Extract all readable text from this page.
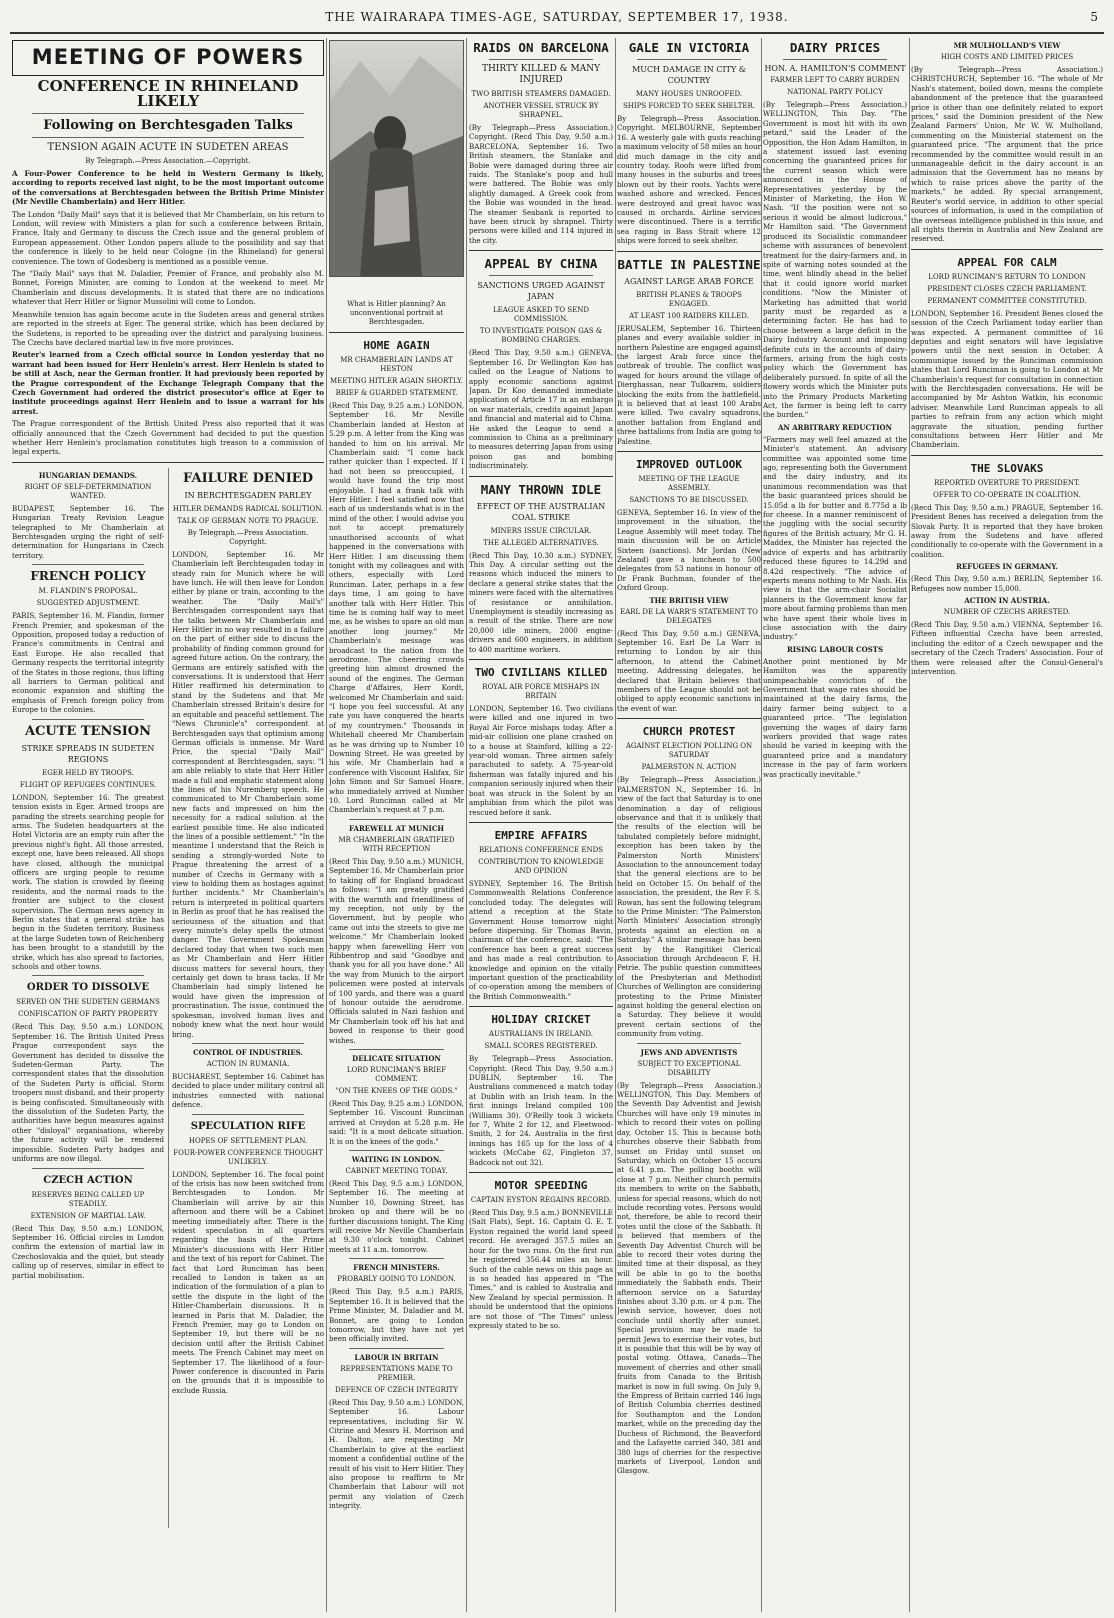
THE WAIRARAPA TIMES-AGE, SATURDAY, SEPTEMBER 17, 1938.	5
MEETING OF POWERS
CONFERENCE IN RHINELAND LIKELY
Following on Berchtesgaden Talks
TENSION AGAIN ACUTE IN SUDETEN AREAS
By Telegraph.—Press Association.—Copyright.
A Four-Power Conference to be held in Western Germany is likely, according to reports received last night, to be the most important outcome of the conversations at Berchtesgaden between the British Prime Minister (Mr Neville Chamberlain) and Herr Hitler.
The London "Daily Mail" says that it is believed that Mr Chamberlain, on his return to London, will review with Ministers a plan for such a conference between Britain, France, Italy and Germany to discuss the Czech issue and the general problem of European appeasement. Other London papers allude to the possibility and say that the conference is likely to be held near Cologne (in the Rhineland) for general convenience. The town of Godesberg is mentioned as a possible venue.
The "Daily Mail" says that M. Daladier, Premier of France, and probably also M. Bonnet, Foreign Minister, are coming to London at the weekend to meet Mr Chamberlain and discuss developments. It is stated that there are no indications whatever that Herr Hitler or Signor Mussolini will come to London.
Meanwhile tension has again become acute in the Sudeten areas and general strikes are reported in the streets at Eger. The general strike, which has been declared by the Sudetens, is reported to be spreading over the district and paralysing business. The Czechs have declared martial law in five more provinces.
Reuter's learned from a Czech official source in London yesterday that no warrant had been issued for Herr Henlein's arrest. Herr Henlein is stated to be still at Asch, near the German frontier. It had previously been reported by the Prague correspondent of the Exchange Telegraph Company that the Czech Government had ordered the district prosecutor's office at Eger to institute proceedings against Herr Henlein and to issue a warrant for his arrest.
The Prague correspondent of the British United Press also reported that it was officially announced that the Czech Government had decided to put the question whether Herr Henlein's proclamation constitutes high treason to a commission of legal experts.
HUNGARIAN DEMANDS.
RIGHT OF SELF-DETERMINATION WANTED.
BUDAPEST, September 16. The Hungarian Treaty Revision League telegraphed to Mr Chamberlain at Berchtesgaden urging the right of self-determination for Hungarians in Czech territory.
FRENCH POLICY
M. FLANDIN'S PROPOSAL.
SUGGESTED ADJUSTMENT.
PARIS, September 16. M. Flandin, former French Premier, and spokesman of the Opposition, proposed today a reduction of France's commitments in Central and East Europe. He also recalled that Germany respects the territorial integrity of the States in those regions, thus lifting all barriers to German political and economic expansion and shifting the emphasis of French foreign policy from Europe to the colonies.
ACUTE TENSION
STRIKE SPREADS IN SUDETEN REGIONS
EGER HELD BY TROOPS.
FLIGHT OF REFUGEES CONTINUES.
LONDON, September 16. The greatest tension exists in Eger. Armed troops are parading the streets searching people for arms. The Sudeten headquarters at the Hotel Victoria are an empty ruin after the previous night's fight. All those arrested, except one, have been released. All shops have closed, although the municipal officers are urging people to resume work. The station is crowded by fleeing residents, and the normal roads to the frontier are subject to the closest supervision. The German news agency in Berlin states that a general strike has begun in the Sudeten territory. Business at the large Sudeten town of Reichenberg has been brought to a standstill by the strike, which has also spread to factories, schools and other towns.
ORDER TO DISSOLVE
SERVED ON THE SUDETEN GERMANS
CONFISCATION OF PARTY PROPERTY
(Recd This Day, 9.50 a.m.) LONDON, September 16. The British United Press Prague correspondent says the Government has decided to dissolve the Sudeten-German Party. The correspondent states that the dissolution of the Sudeten Party is official. Storm troopers must disband, and their property is being confiscated. Simultaneously with the dissolution of the Sudeten Party, the authorities have begun measures against other "disloyal" organisations, whereby the future activity will be rendered impossible. Sudeten Party badges and uniforms are now illegal.
CZECH ACTION
RESERVES BEING CALLED UP STEADILY.
EXTENSION OF MARTIAL LAW.
(Recd This Day, 9.50 a.m.) LONDON, September 16. Official circles in London confirm the extension of martial law in Czechoslovakia and the quiet, but steady calling up of reserves, similar in effect to partial mobilisation.
FAILURE DENIED
IN BERCHTESGADEN PARLEY
HITLER DEMANDS RADICAL SOLUTION.
TALK OF GERMAN NOTE TO PRAGUE.
By Telegraph.—Press Association. Copyright.
LONDON, September 16. Mr Chamberlain left Berchtesgaden today in steady rain for Munich where he will have lunch. He will then leave for London either by plane or train, according to the weather. The "Daily Mail's" Berchtesgaden correspondent says that the talks between Mr Chamberlain and Herr Hitler in no way resulted in a failure on the part of either side to discuss the probability of finding common ground for agreed future action. On the contrary, the Germans are entirely satisfied with the conversations. It is understood that Herr Hitler reaffirmed his determination to stand by the Sudetens and that Mr Chamberlain stressed Britain's desire for an equitable and peaceful settlement. The "News Chronicle's" correspondent at Berchtesgaden says that optimism among German officials is immense. Mr Ward Price, the special "Daily Mail" correspondent at Berchtesgaden, says: "I am able reliably to state that Herr Hitler made a full and emphatic statement along the lines of his Nuremberg speech. He communicated to Mr Chamberlain some new facts and impressed on him the necessity for a radical solution at the earliest possible time. He also indicated the lines of a possible settlement." "In the meantime I understand that the Reich is sending a strongly-worded Note to Prague threatening the arrest of a number of Czechs in Germany with a view to holding them as hostages against further incidents." Mr Chamberlain's return is interpreted in political quarters in Berlin as proof that he has realised the seriousness of the situation and that every minute's delay spells the utmost danger. The Government Spokesman declared today that when two such men as Mr Chamberlain and Herr Hitler discuss matters for several hours, they certainly get down to brass tacks. If Mr Chamberlain had simply listened he would have given the impression of procrastination. The issue, continued the spokesman, involved human lives and nobody knew what the next hour would bring.
CONTROL OF INDUSTRIES.
ACTION IN RUMANIA.
BUCHAREST, September 16. Cabinet has decided to place under military control all industries connected with national defence.
SPECULATION RIFE
HOPES OF SETTLEMENT PLAN.
FOUR-POWER CONFERENCE THOUGHT UNLIKELY.
LONDON, September 16. The focal point of the crisis has now been switched from Berchtesgaden to London. Mr Chamberlain will arrive by air this afternoon and there will be a Cabinet meeting immediately after. There is the widest speculation in all quarters regarding the basis of the Prime Minister's discussions with Herr Hitler and the text of his report for Cabinet. The fact that Lord Runciman has been recalled to London is taken as an indication of the formulation of a plan to settle the dispute in the light of the Hitler-Chamberlain discussions. It is learned in Paris that M. Daladier, the French Premier, may go to London on September 19, but there will be no decision until after the British Cabinet meets. The French Cabinet may meet on September 17. The likelihood of a four-Power conference is discounted in Paris on the grounds that it is impossible to exclude Russia.
RAIDS ON BARCELONA
THIRTY KILLED & MANY INJURED
TWO BRITISH STEAMERS DAMAGED.
ANOTHER VESSEL STRUCK BY SHRAPNEL.
(By Telegraph—Press Association.) Copyright. (Recd This Day, 9.50 a.m.) BARCELONA, September 16. Two British steamers, the Stanlake and Bobie were damaged during three air raids. The Stanlake's poop and hull were battered. The Bobie was only slightly damaged. A Greek cook from the Bobie was wounded in the head. The steamer Seabank is reported to have been struck by shrapnel. Thirty persons were killed and 114 injured in the city.
APPEAL BY CHINA
SANCTIONS URGED AGAINST JAPAN
LEAGUE ASKED TO SEND COMMISSION.
TO INVESTIGATE POISON GAS & BOMBING CHARGES.
(Recd This Day, 9.50 a.m.) GENEVA, September 16. Dr Wellington Koo has called on the League of Nations to apply economic sanctions against Japan. Dr Koo demanded immediate application of Article 17 in an embargo on war materials, credits against Japan and financial and material aid to China. He asked the League to send a commission to China as a preliminary to measures deterring Japan from using poison gas and bombing indiscriminately.
MANY THROWN IDLE
EFFECT OF THE AUSTRALIAN COAL STRIKE
MINERS ISSUE CIRCULAR.
THE ALLEGED ALTERNATIVES.
(Recd This Day, 10.30 a.m.) SYDNEY, This Day. A circular setting out the reasons which induced the miners to declare a general strike states that the miners were faced with the alternatives of resistance or annihilation. Unemployment is steadily increasing as a result of the strike. There are now 20,000 idle miners, 2000 engine-drivers and 600 engineers, in addition to 400 maritime workers.
TWO CIVILIANS KILLED
ROYAL AIR FORCE MISHAPS IN BRITAIN
LONDON, September 16. Two civilians were killed and one injured in two Royal Air Force mishaps today. After a mid-air collision one plane crashed on to a house at Stainford, killing a 22-year-old woman. Three airmen safely parachuted to safety. A 75-year-old fisherman was fatally injured and his companion seriously injured when their boat was struck in the Solent by an amphibian from which the pilot was rescued before it sank.
EMPIRE AFFAIRS
RELATIONS CONFERENCE ENDS
CONTRIBUTION TO KNOWLEDGE AND OPINION
SYDNEY, September 16. The British Commonwealth Relations Conference concluded today. The delegates will attend a reception at the State Government House tomorrow night before dispersing. Sir Thomas Bavin, chairman of the conference, said: "The conference has been a great success and has made a real contribution to knowledge and opinion on the vitally important question of the practicability of co-operation among the members of the British Commonwealth."
HOLIDAY CRICKET
AUSTRALIANS IN IRELAND.
SMALL SCORES REGISTERED.
By Telegraph—Press Association. Copyright. (Recd This Day, 9.50 a.m.) DUBLIN, September 16. The Australians commenced a match today at Dublin with an Irish team. In the first innings Ireland compiled 100 (Williams 30). O'Reilly took 3 wickets for 7, White 2 for 12, and Fleetwood-Smith, 2 for 24. Australia in the first innings has 165 up for the loss of 4 wickets (McCabe 62, Fingleton 37, Badcock not out 32).
MOTOR SPEEDING
CAPTAIN EYSTON REGAINS RECORD.
(Recd This Day, 9.5 a.m.) BONNEVILLE (Salt Flats), Sept. 16. Captain G. E. T. Eyston regained the world land speed record. He averaged 357.5 miles an hour for the two runs. On the first run he registered 356.44 miles an hour. Such of the cable news on this page as is so headed has appeared in "The Times," and is cabled to Australia and New Zealand by special permission. It should be understood that the opinions are not those of "The Times" unless expressly stated to be so.
GALE IN VICTORIA
MUCH DAMAGE IN CITY & COUNTRY
MANY HOUSES UNROOFED.
SHIPS FORCED TO SEEK SHELTER.
By Telegraph—Press Association. Copyright. MELBOURNE, September 16. A westerly gale with gusts reaching a maximum velocity of 58 miles an hour did much damage in the city and country today. Roofs were lifted from many houses in the suburbs and trees blown out by their roots. Yachts were washed ashore and wrecked. Fences were destroyed and great havoc was caused in orchards. Airline services were discontinued. There is a terrific sea raging in Bass Strait where 12 ships were forced to seek shelter.
BATTLE IN PALESTINE
AGAINST LARGE ARAB FORCE
BRITISH PLANES & TROOPS ENGAGED.
AT LEAST 100 RAIDERS KILLED.
JERUSALEM, September 16. Thirteen planes and every available soldier in northern Palestine are engaged against the largest Arab force since the outbreak of trouble. The conflict was waged for hours around the village of Dierghassan, near Tulkarem, soldiers blocking the exits from the battlefield. It is believed that at least 100 Arabs were killed. Two cavalry squadrons, another battalion from England and three battalions from India are going to Palestine.
IMPROVED OUTLOOK
MEETING OF THE LEAGUE ASSEMBLY.
SANCTIONS TO BE DISCUSSED.
GENEVA, September 16. In view of the improvement in the situation, the League Assembly will meet today. The main discussion will be on Article Sixteen (sanctions). Mr Jordan (New Zealand) gave a luncheon to 500 delegates from 53 nations in honour of Dr Frank Buchman, founder of the Oxford Group.
THE BRITISH VIEW
EARL DE LA WARR'S STATEMENT TO DELEGATES
(Recd This Day, 9.50 a.m.) GENEVA, September 16. Earl De La Warr is returning to London by air this afternoon, to attend the Cabinet meeting. Addressing delegates, he declared that Britain believes that members of the League should not be obliged to apply economic sanctions in the event of war.
CHURCH PROTEST
AGAINST ELECTION POLLING ON SATURDAY
PALMERSTON N. ACTION
(By Telegraph—Press Association.) PALMERSTON N., September 16. In view of the fact that Saturday is to one denomination a day of religious observance and that it is unlikely that the results of the election will be tabulated completely before midnight, exception has been taken by the Palmerston North Ministers' Association to the announcement today that the general elections are to be held on October 15. On behalf of the association, the president, the Rev F. S. Rowan, has sent the following telegram to the Prime Minister: "The Palmerston North Ministers' Association strongly protests against an election on a Saturday." A similar message has been sent by the Rangitikei Clerical Association through Archdeacon F. H. Petrie. The public question committees of the Presbyterian and Methodist Churches of Wellington are considering protesting to the Prime Minister against holding the general election on a Saturday. They believe it would prevent certain sections of the community from voting.
JEWS AND ADVENTISTS
SUBJECT TO EXCEPTIONAL DISABILITY
(By Telegraph—Press Association.) WELLINGTON, This Day. Members of the Seventh Day Adventist and Jewish Churches will have only 19 minutes in which to record their votes on polling day, October 15. This is because both churches observe their Sabbath from sunset on Friday until sunset on Saturday, which on October 15 occurs at 6.41 p.m. The polling booths will close at 7 p.m. Neither church permits its members to write on the Sabbath, unless for special reasons, which do not include recording votes. Persons would not, therefore, be able to record their votes until the close of the Sabbath. It is believed that members of the Seventh Day Adventist Church will be able to record their votes during the limited time at their disposal, as they will be able to go to the booths immediately the Sabbath ends. Their afternoon service on a Saturday finishes about 3.30 p.m. or 4 p.m. The Jewish service, however, does not conclude until shortly after sunset. Special provision may be made to permit Jews to exercise their votes, but it is possible that this will be by way of postal voting. Ottawa, Canada—The movement of cherries and other small fruits from Canada to the British market is now in full swing. On July 9, the Empress of Britain carried 146 lugs of British Columbia cherries destined for Southampton and the London market, while on the preceding day the Duchess of Richmond, the Beaverford and the Lafayette carried 340, 381 and 380 lugs of cherries for the respective markets of Liverpool, London and Glasgow.
DAIRY PRICES
HON. A. HAMILTON'S COMMENT
FARMER LEFT TO CARRY BURDEN
NATIONAL PARTY POLICY
(By Telegraph—Press Association.) WELLINGTON, This Day. "The Government is most hit with its own petard," said the Leader of the Opposition, the Hon Adam Hamilton, in a statement issued last evening concerning the guaranteed prices for the current season which were announced in the House of Representatives yesterday by the Minister of Marketing, the Hon W. Nash. "If the position were not so serious it would be almost ludicrous," Mr Hamilton said. "The Government produced its Socialistic commandeer scheme with assurances of benevolent treatment for the dairy-farmers and, in spite of warning notes sounded at the time, went blindly ahead in the belief that it could ignore world market conditions. "Now the Minister of Marketing has admitted that world parity must be regarded as a determining factor. He has had to choose between a large deficit in the Dairy Industry Account and imposing definite cuts in the accounts of dairy-farmers, arising from the high costs policy which the Government has deliberately pursued. In spite of all the flowery words which the Minister puts into the Primary Products Marketing Act, the farmer is being left to carry the burden."
AN ARBITRARY REDUCTION
"Farmers may well feel amazed at the Minister's statement. An advisory committee was appointed some time ago, representing both the Government and the dairy industry, and its unanimous recommendation was that the basic guaranteed prices should be 15.05d a lb for butter and 8.775d a lb for cheese. In a manner reminiscent of the juggling with the social security figures of the British actuary, Mr G. H. Maddex, the Minister has rejected the advice of experts and has arbitrarily reduced these figures to 14.29d and 8.42d respectively. "The advice of experts means nothing to Mr Nash. His view is that the arm-chair Socialist planners in the Government know far more about farming problems than men who have spent their whole lives in close association with the dairy industry."
RISING LABOUR COSTS
Another point mentioned by Mr Hamilton was the apparently unimpeachable conviction of the Government that wage rates should be maintained at the dairy farms, the dairy farmer being subject to a guaranteed price. "The legislation governing the wages of dairy farm workers provided that wage rates should be varied in keeping with the guaranteed price and a mandatory increase in the pay of farm workers was practically inevitable."
MR MULHOLLAND'S VIEW
HIGH COSTS AND LIMITED PRICES
(By Telegraph—Press Association.) CHRISTCHURCH, September 16. "The whole of Mr Nash's statement, boiled down, means the complete abandonment of the pretence that the guaranteed price is other than one definitely related to export prices," said the Dominion president of the New Zealand Farmers' Union, Mr W. W. Mulholland, commenting on the Ministerial statement on the guaranteed price. "The argument that the price recommended by the committee would result in an unmanageable deficit in the dairy account is an admission that the Government has no means by which to raise prices above the parity of the markets," he added. By special arrangement, Reuter's world service, in addition to other special sources of information, is used in the compilation of the overseas intelligence published in this issue, and all rights therein in Australia and New Zealand are reserved.
APPEAL FOR CALM
LORD RUNCIMAN'S RETURN TO LONDON
PRESIDENT CLOSES CZECH PARLIAMENT.
PERMANENT COMMITTEE CONSTITUTED.
LONDON, September 16. President Benes closed the session of the Czech Parliament today earlier than was expected. A permanent committee of 16 deputies and eight senators will have legislative powers until the next session in October. A communique issued by the Runciman commission states that Lord Runciman is going to London at Mr Chamberlain's request for consultation in connection with the Berchtesgaden conversations. He will be accompanied by Mr Ashton Watkin, his economic adviser. Meanwhile Lord Runciman appeals to all parties to refrain from any action which might aggravate the situation, pending further consultations between Herr Hitler and Mr Chamberlain.
THE SLOVAKS
REPORTED OVERTURE TO PRESIDENT.
OFFER TO CO-OPERATE IN COALITION.
(Recd This Day, 9.50 a.m.) PRAGUE, September 16. President Benes has received a delegation from the Slovak Party. It is reported that they have broken away from the Sudetens and have offered conditionally to co-operate with the Government in a coalition.
REFUGEES IN GERMANY.
(Recd This Day, 9.50 a.m.) BERLIN, September 16. Refugees now number 15,000.
ACTION IN AUSTRIA.
NUMBER OF CZECHS ARRESTED.
(Recd This Day, 9.50 a.m.) VIENNA, September 16. Fifteen influential Czechs have been arrested, including the editor of a Czech newspaper and the secretary of the Czech Traders' Association. Four of them were released after the Consul-General's intervention.
What is Hitler planning? An unconventional portrait at Berchtesgaden.
HOME AGAIN
MR CHAMBERLAIN LANDS AT HESTON
MEETING HITLER AGAIN SHORTLY.
BRIEF & GUARDED STATEMENT.
(Recd This Day, 9.25 a.m.) LONDON, September 16. Mr Neville Chamberlain landed at Heston at 5.29 p.m. A letter from the King was handed to him on his arrival. Mr Chamberlain said: "I come back rather quicker than I expected. If I had not been so preoccupied, I would have found the trip most enjoyable. I had a frank talk with Herr Hitler. I feel satisfied now that each of us understands what is in the mind of the other. I would advise you not to accept prematurely unauthorised accounts of what happened in the conversations with Herr Hitler. I am discussing them tonight with my colleagues and with others, especially with Lord Runciman. Later, perhaps in a few days time, I am going to have another talk with Herr Hitler. This time he is coming half way to meet me, as he wishes to spare an old man another long journey." Mr Chamberlain's message was broadcast to the nation from the aerodrome. The cheering crowds greeting him almost drowned the sound of the engines. The German Charge d'Affaires, Herr Kordt, welcomed Mr Chamberlain and said: "I hope you feel successful. At any rate you have conquered the hearts of my countrymen." Thousands in Whitehall cheered Mr Chamberlain as he was driving up to Number 10 Downing Street. He was greeted by his wife. Mr Chamberlain had a conference with Viscount Halifax, Sir John Simon and Sir Samuel Hoare, who immediately arrived at Number 10. Lord Runciman called at Mr Chamberlain's request at 7 p.m.
FAREWELL AT MUNICH
MR CHAMBERLAIN GRATIFIED WITH RECEPTION
(Recd This Day, 9.50 a.m.) MUNICH, September 16. Mr Chamberlain prior to taking off for England broadcast as follows: "I am greatly gratified with the warmth and friendliness of my reception, not only by the Government, but by people who came out into the streets to give me welcome." Mr Chamberlain looked happy when farewelling Herr von Ribbentrop and said "Goodbye and thank you for all you have done." All the way from Munich to the airport policemen were posted at intervals of 100 yards, and there was a guard of honour outside the aerodrome. Officials saluted in Nazi fashion and Mr Chamberlain took off his hat and bowed in response to their good wishes.
DELICATE SITUATION
LORD RUNCIMAN'S BRIEF COMMENT.
"ON THE KNEES OF THE GODS."
(Recd This Day, 9.25 a.m.) LONDON, September 16. Viscount Runciman arrived at Croydon at 5.28 p.m. He said: "It is a most delicate situation. It is on the knees of the gods."
WAITING IN LONDON.
CABINET MEETING TODAY.
(Recd This Day, 9.5 a.m.) LONDON, September 16. The meeting at Number 10, Downing Street, has broken up and there will be no further discussions tonight. The King will receive Mr Neville Chamberlain at 9.30 o'clock tonight. Cabinet meets at 11 a.m. tomorrow.
FRENCH MINISTERS.
PROBABLY GOING TO LONDON.
(Recd This Day, 9.5 a.m.) PARIS, September 16. It is believed that the Prime Minister, M. Daladier and M. Bonnet, are going to London tomorrow, but they have not yet been officially invited.
LABOUR IN BRITAIN
REPRESENTATIONS MADE TO PREMIER.
DEFENCE OF CZECH INTEGRITY
(Recd This Day, 9.50 a.m.) LONDON, September 16. Labour representatives, including Sir W. Citrine and Messrs H. Morrison and H. Dalton, are requesting Mr Chamberlain to give at the earliest moment a confidential outline of the result of his visit to Herr Hitler. They also propose to reaffirm to Mr Chamberlain that Labour will not permit any violation of Czech integrity.
